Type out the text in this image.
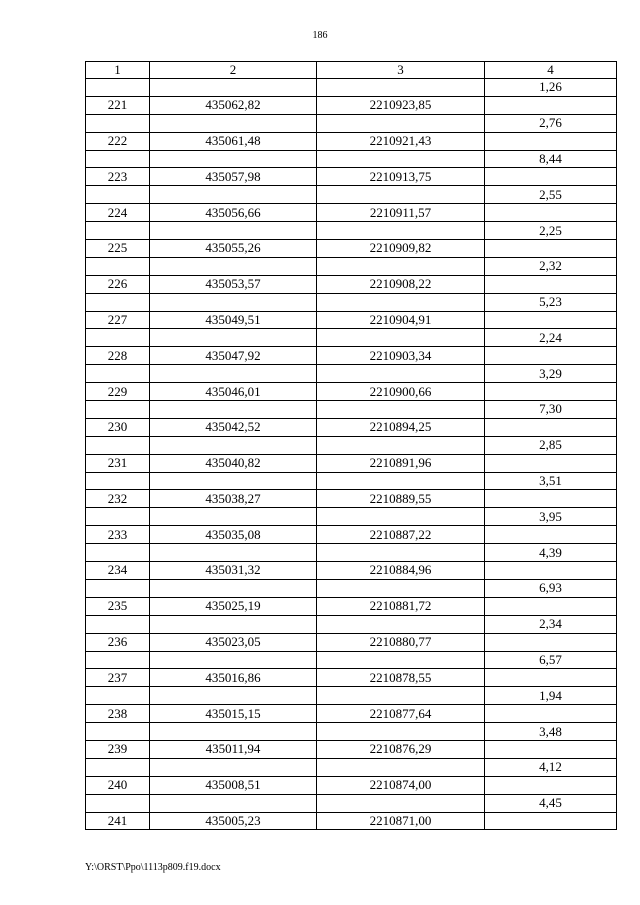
186
1	2	3	4
			1,26
221	435062,82	2210923,85	
			2,76
222	435061,48	2210921,43	
			8,44
223	435057,98	2210913,75	
			2,55
224	435056,66	2210911,57	
			2,25
225	435055,26	2210909,82	
			2,32
226	435053,57	2210908,22	
			5,23
227	435049,51	2210904,91	
			2,24
228	435047,92	2210903,34	
			3,29
229	435046,01	2210900,66	
			7,30
230	435042,52	2210894,25	
			2,85
231	435040,82	2210891,96	
			3,51
232	435038,27	2210889,55	
			3,95
233	435035,08	2210887,22	
			4,39
234	435031,32	2210884,96	
			6,93
235	435025,19	2210881,72	
			2,34
236	435023,05	2210880,77	
			6,57
237	435016,86	2210878,55	
			1,94
238	435015,15	2210877,64	
			3,48
239	435011,94	2210876,29	
			4,12
240	435008,51	2210874,00	
			4,45
241	435005,23	2210871,00	
Y:\ORST\Ppo\1113p809.f19.docx
